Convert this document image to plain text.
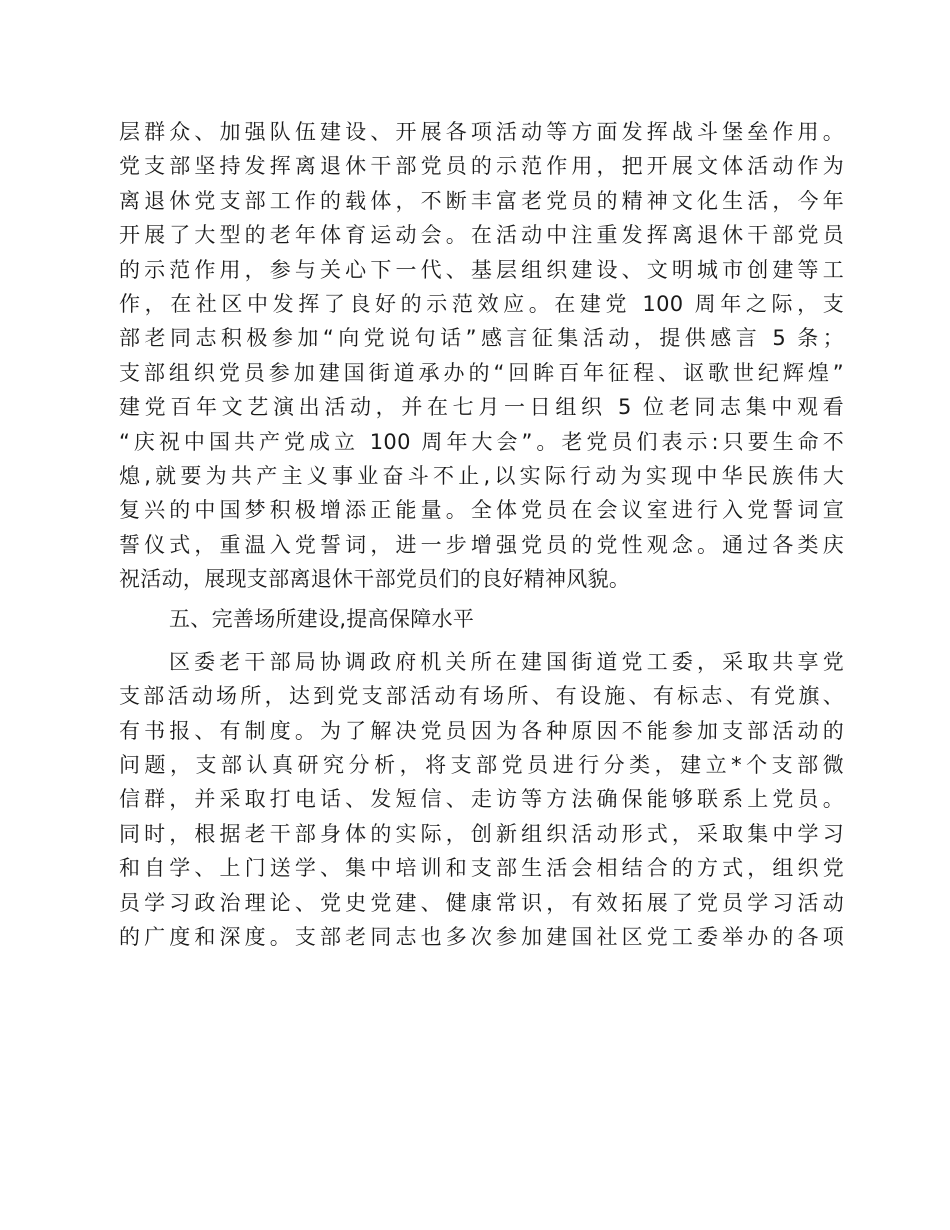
层群众、加强队伍建设、开展各项活动等方面发挥战斗堡垒作用。
党支部坚持发挥离退休干部党员的示范作用，把开展文体活动作为
离退休党支部工作的载体，不断丰富老党员的精神文化生活，今年
开展了大型的老年体育运动会。在活动中注重发挥离退休干部党员
的示范作用，参与关心下一代、基层组织建设、文明城市创建等工
作，在社区中发挥了良好的示范效应。在建党 100 周年之际，支
部老同志积极参加“向党说句话”感言征集活动，提供感言 5 条；
支部组织党员参加建国街道承办的“回眸百年征程、讴歌世纪辉煌”
建党百年文艺演出活动，并在七月一日组织 5 位老同志集中观看
“庆祝中国共产党成立 100 周年大会”。老党员们表示:只要生命不
熄,就要为共产主义事业奋斗不止,以实际行动为实现中华民族伟大
复兴的中国梦积极增添正能量。全体党员在会议室进行入党誓词宣
誓仪式，重温入党誓词，进一步增强党员的党性观念。通过各类庆
祝活动，展现支部离退休干部党员们的良好精神风貌。
五、完善场所建设,提高保障水平
区委老干部局协调政府机关所在建国街道党工委，采取共享党
支部活动场所，达到党支部活动有场所、有设施、有标志、有党旗、
有书报、有制度。为了解决党员因为各种原因不能参加支部活动的
问题，支部认真研究分析，将支部党员进行分类，建立*个支部微
信群，并采取打电话、发短信、走访等方法确保能够联系上党员。
同时，根据老干部身体的实际，创新组织活动形式，采取集中学习
和自学、上门送学、集中培训和支部生活会相结合的方式，组织党
员学习政治理论、党史党建、健康常识，有效拓展了党员学习活动
的广度和深度。支部老同志也多次参加建国社区党工委举办的各项
